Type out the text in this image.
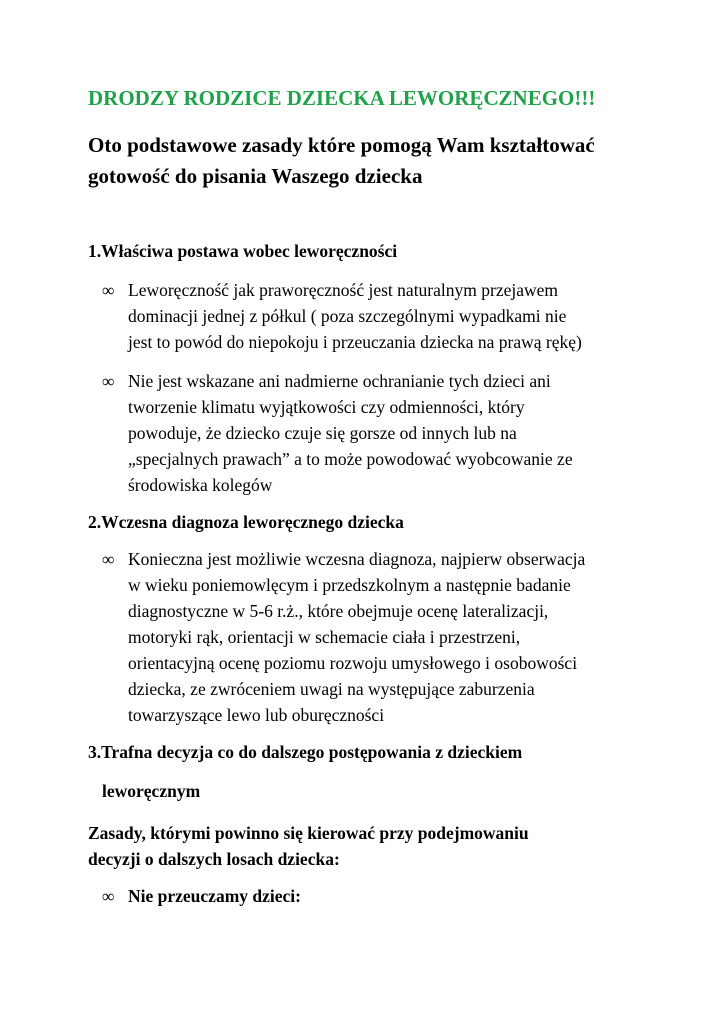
DRODZY RODZICE DZIECKA LEWORĘCZNEGO!!!
Oto podstawowe zasady które pomogą Wam kształtować
gotowość do pisania Waszego dziecka
1.Właściwa postawa wobec leworęczności
∞ Leworęczność jak praworęczność jest naturalnym przejawem
dominacji jednej z półkul ( poza szczególnymi wypadkami nie
jest to powód do niepokoju i przeuczania dziecka na prawą rękę)
∞ Nie jest wskazane ani nadmierne ochranianie tych dzieci ani
tworzenie klimatu wyjątkowości czy odmienności, który
powoduje, że dziecko czuje się gorsze od innych lub na
„specjalnych prawach” a to może powodować wyobcowanie ze
środowiska kolegów
2.Wczesna diagnoza leworęcznego dziecka
∞ Konieczna jest możliwie wczesna diagnoza, najpierw obserwacja
w wieku poniemowlęcym i przedszkolnym a następnie badanie
diagnostyczne w 5-6 r.ż., które obejmuje ocenę lateralizacji,
motoryki rąk, orientacji w schemacie ciała i przestrzeni,
orientacyjną ocenę poziomu rozwoju umysłowego i osobowości
dziecka, ze zwróceniem uwagi na występujące zaburzenia
towarzyszące lewo lub oburęczności
3.Trafna decyzja co do dalszego postępowania z dzieckiem
leworęcznym
Zasady, którymi powinno się kierować przy podejmowaniu
decyzji o dalszych losach dziecka:
∞ Nie przeuczamy dzieci:
